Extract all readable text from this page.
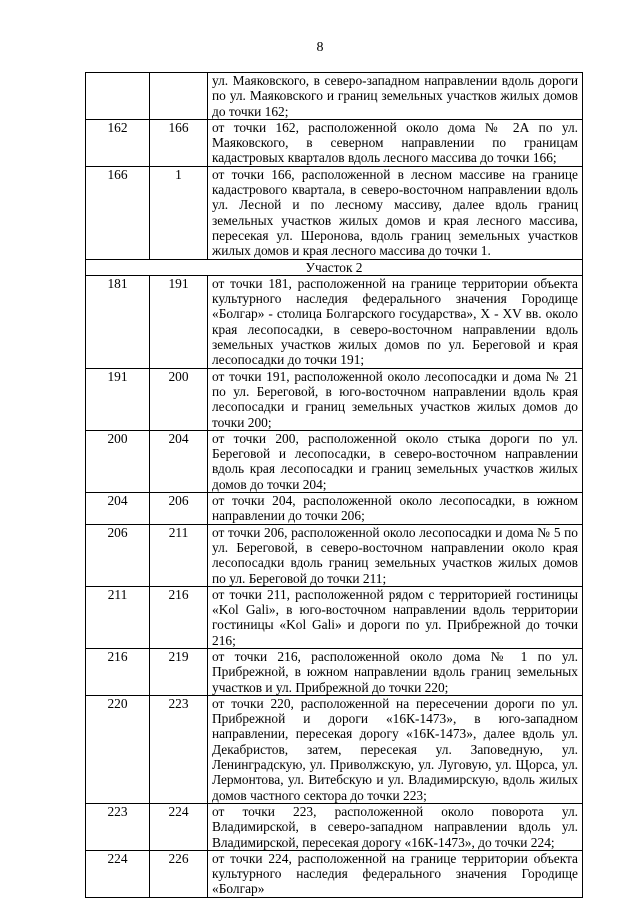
8
		ул. Маяковского, в северо-западном направлении вдоль дороги по ул. Маяковского и границ земельных участков жилых домов до точки 162;
162	166	от точки 162, расположенной около дома № 2А по ул. Маяковского, в северном направлении по границам кадастровых кварталов вдоль лесного массива до точки 166;
166	1	от точки 166, расположенной в лесном массиве на границе кадастрового квартала, в северо-восточном направлении вдоль ул. Лесной и по лесному массиву, далее вдоль границ земельных участков жилых домов и края лесного массива, пересекая ул. Шеронова, вдоль границ земельных участков жилых домов и края лесного массива до точки 1.
Участок 2		
181	191	от точки 181, расположенной на границе территории объекта культурного наследия федерального значения Городище «Болгар» - столица Болгарского государства», X - XV вв. около края лесопосадки, в северо-восточном направлении вдоль земельных участков жилых домов по ул. Береговой и края лесопосадки до точки 191;
191	200	от точки 191, расположенной около лесопосадки и дома № 21 по ул. Береговой, в юго-восточном направлении вдоль края лесопосадки и границ земельных участков жилых домов до точки 200;
200	204	от точки 200, расположенной около стыка дороги по ул. Береговой и лесопосадки, в северо-восточном направлении вдоль края лесопосадки и границ земельных участков жилых домов до точки 204;
204	206	от точки 204, расположенной около лесопосадки, в южном направлении до точки 206;
206	211	от точки 206, расположенной около лесопосадки и дома № 5 по ул. Береговой, в северо-восточном направлении около края лесопосадки вдоль границ земельных участков жилых домов по ул. Береговой до точки 211;
211	216	от точки 211, расположенной рядом с территорией гостиницы «Kol Gali», в юго-восточном направлении вдоль территории гостиницы «Kol Gali» и дороги по ул. Прибрежной до точки 216;
216	219	от точки 216, расположенной около дома № 1 по ул. Прибрежной, в южном направлении вдоль границ земельных участков и ул. Прибрежной до точки 220;
220	223	от точки 220, расположенной на пересечении дороги по ул. Прибрежной и дороги «16К-1473», в юго-западном направлении, пересекая дорогу «16К-1473», далее вдоль ул. Декабристов, затем, пересекая ул. Заповедную, ул. Ленинградскую, ул. Приволжскую, ул. Луговую, ул. Щорса, ул. Лермонтова, ул. Витебскую и ул. Владимирскую, вдоль жилых домов частного сектора до точки 223;
223	224	от точки 223, расположенной около поворота ул. Владимирской, в северо-западном направлении вдоль ул. Владимирской, пересекая дорогу «16К-1473», до точки 224;
224	226	от точки 224, расположенной на границе территории объекта культурного наследия федерального значения Городище «Болгар»
